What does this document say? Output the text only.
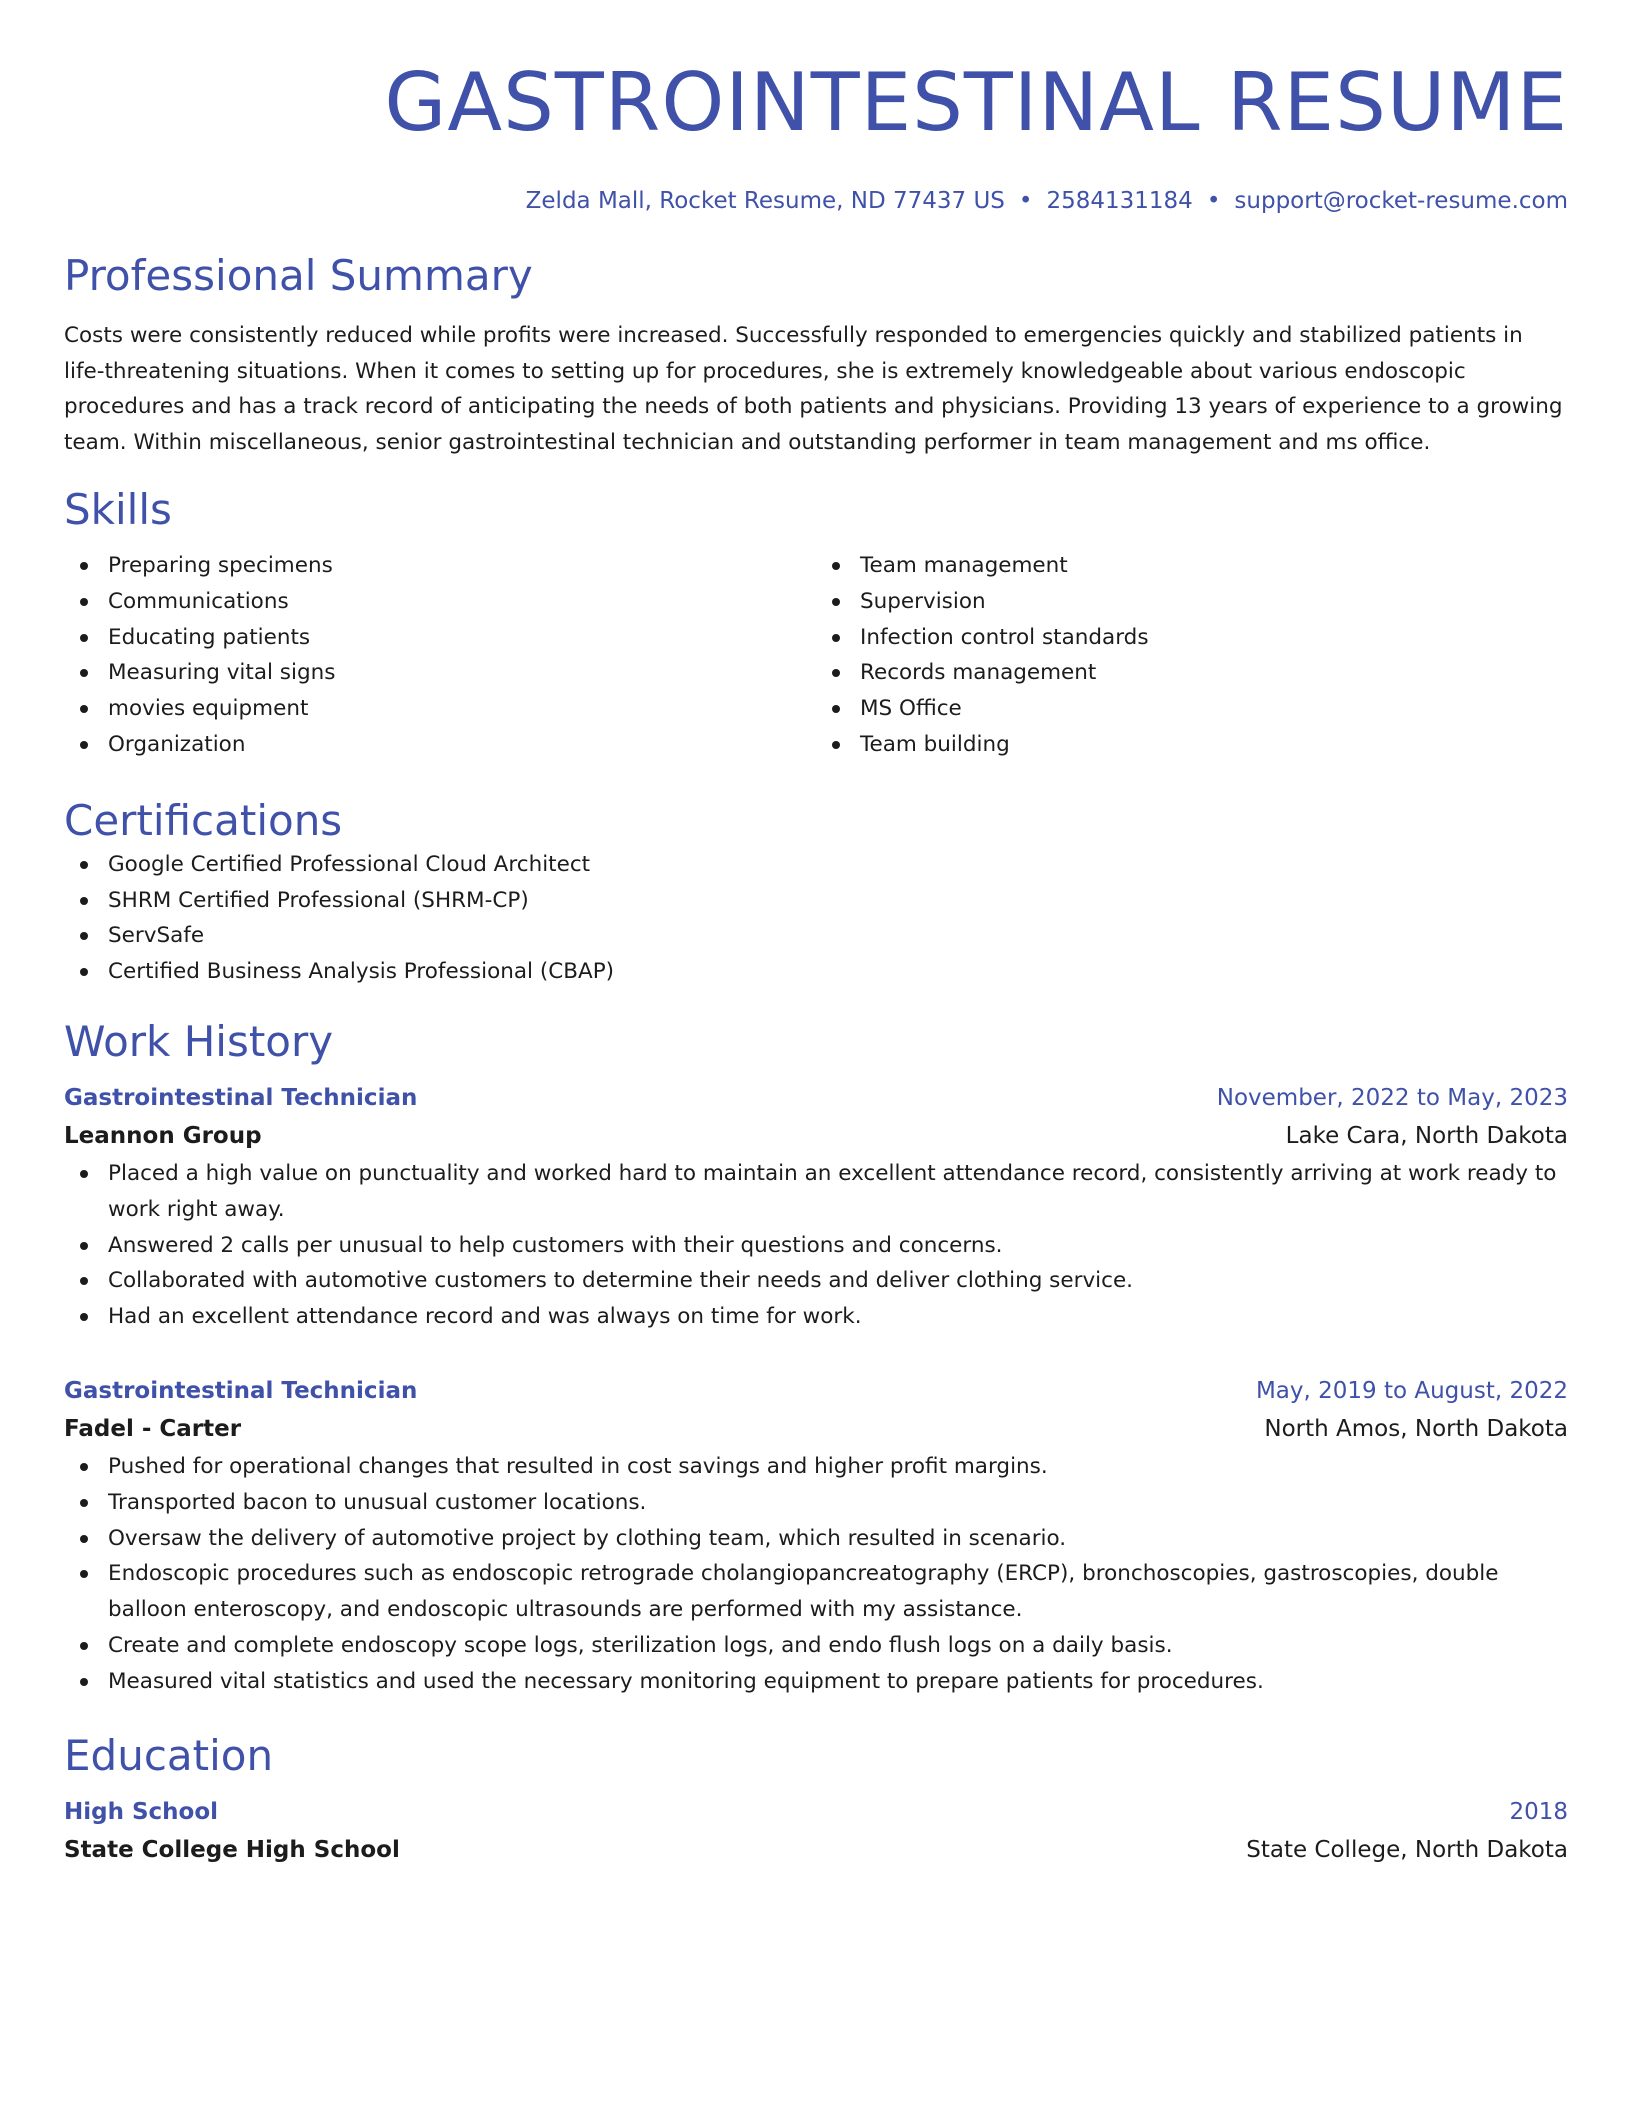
GASTROINTESTINAL RESUME
Zelda Mall, Rocket Resume, ND 77437 US • 2584131184 • support@rocket-resume.com
Professional Summary

Costs were consistently reduced while profits were increased. Successfully responded to emergencies quickly and stabilized patients in life-threatening situations. When it comes to setting up for procedures, she is extremely knowledgeable about various endoscopic procedures and has a track record of anticipating the needs of both patients and physicians. Providing 13 years of experience to a growing team. Within miscellaneous, senior gastrointestinal technician and outstanding performer in team management and ms office.

Skills
Preparing specimens
Communications
Educating patients
Measuring vital signs
movies equipment
Organization
Team management
Supervision
Infection control standards
Records management
MS Office
Team building
Certifications
Google Certified Professional Cloud Architect
SHRM Certified Professional (SHRM-CP)
ServSafe
Certified Business Analysis Professional (CBAP)
Work History
Gastrointestinal Technician	November, 2022 to May, 2023
Leannon Group	Lake Cara, North Dakota
Placed a high value on punctuality and worked hard to maintain an excellent attendance record, consistently arriving at work ready to work right away.
Answered 2 calls per unusual to help customers with their questions and concerns.
Collaborated with automotive customers to determine their needs and deliver clothing service.
Had an excellent attendance record and was always on time for work.
Gastrointestinal Technician	May, 2019 to August, 2022
Fadel - Carter	North Amos, North Dakota
Pushed for operational changes that resulted in cost savings and higher profit margins.
Transported bacon to unusual customer locations.
Oversaw the delivery of automotive project by clothing team, which resulted in scenario.
Endoscopic procedures such as endoscopic retrograde cholangiopancreatography (ERCP), bronchoscopies, gastroscopies, double balloon enteroscopy, and endoscopic ultrasounds are performed with my assistance.
Create and complete endoscopy scope logs, sterilization logs, and endo flush logs on a daily basis.
Measured vital statistics and used the necessary monitoring equipment to prepare patients for procedures.
Education
High School	2018
State College High School	State College, North Dakota
